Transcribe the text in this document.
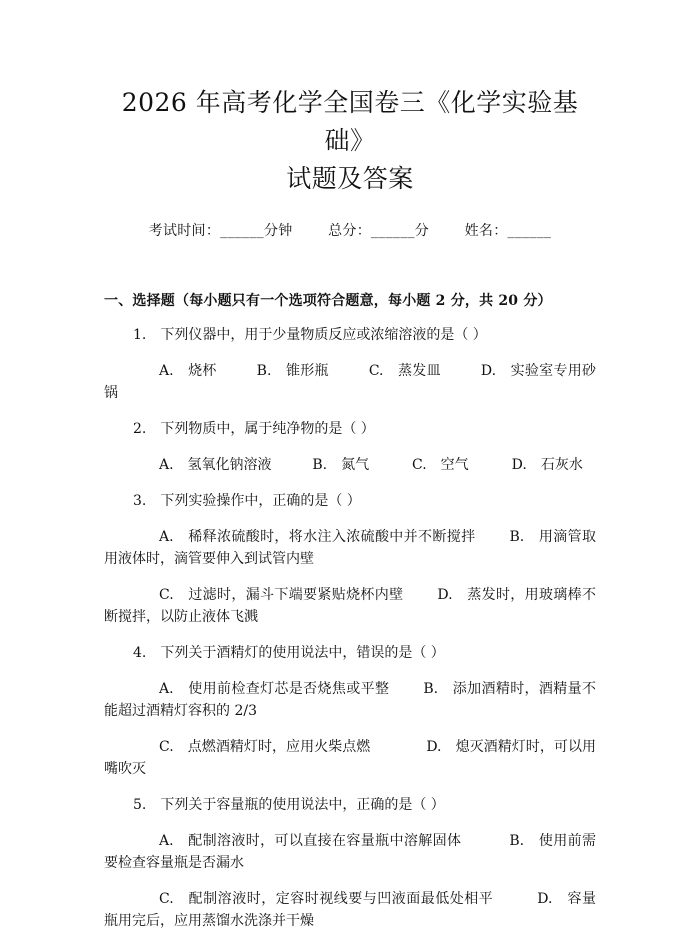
2026 年高考化学全国卷三《化学实验基础》
试题及答案
考试时间：______分钟	总分：______分	姓名：______
一、选择题（每小题只有一个选项符合题意，每小题 2 分，共 20 分）
1.　下列仪器中，用于少量物质反应或浓缩溶液的是（ ）
A.　烧杯	B.　锥形瓶	C.　蒸发皿	D.　实验室专用砂锅
2.　下列物质中，属于纯净物的是（ ）
A.　氢氧化钠溶液	B.　氮气	C.　空气	D.　石灰水
3.　下列实验操作中，正确的是（ ）
A.　稀释浓硫酸时，将水注入浓硫酸中并不断搅拌 B.　用滴管取用液体时，滴管要伸入到试管内壁
C.　过滤时，漏斗下端要紧贴烧杯内壁 D.　蒸发时，用玻璃棒不断搅拌，以防止液体飞溅
4.　下列关于酒精灯的使用说法中，错误的是（ ）
A.　使用前检查灯芯是否烧焦或平整 B.　添加酒精时，酒精量不能超过酒精灯容积的 2/3
C.　点燃酒精灯时，应用火柴点燃	D.　熄灭酒精灯时，可以用嘴吹灭
5.　下列关于容量瓶的使用说法中，正确的是（ ）
A.　配制溶液时，可以直接在容量瓶中溶解固体	B.　使用前需要检查容量瓶是否漏水
C.　配制溶液时，定容时视线要与凹液面最低处相平	D.　容量瓶用完后，应用蒸馏水洗涤并干燥
